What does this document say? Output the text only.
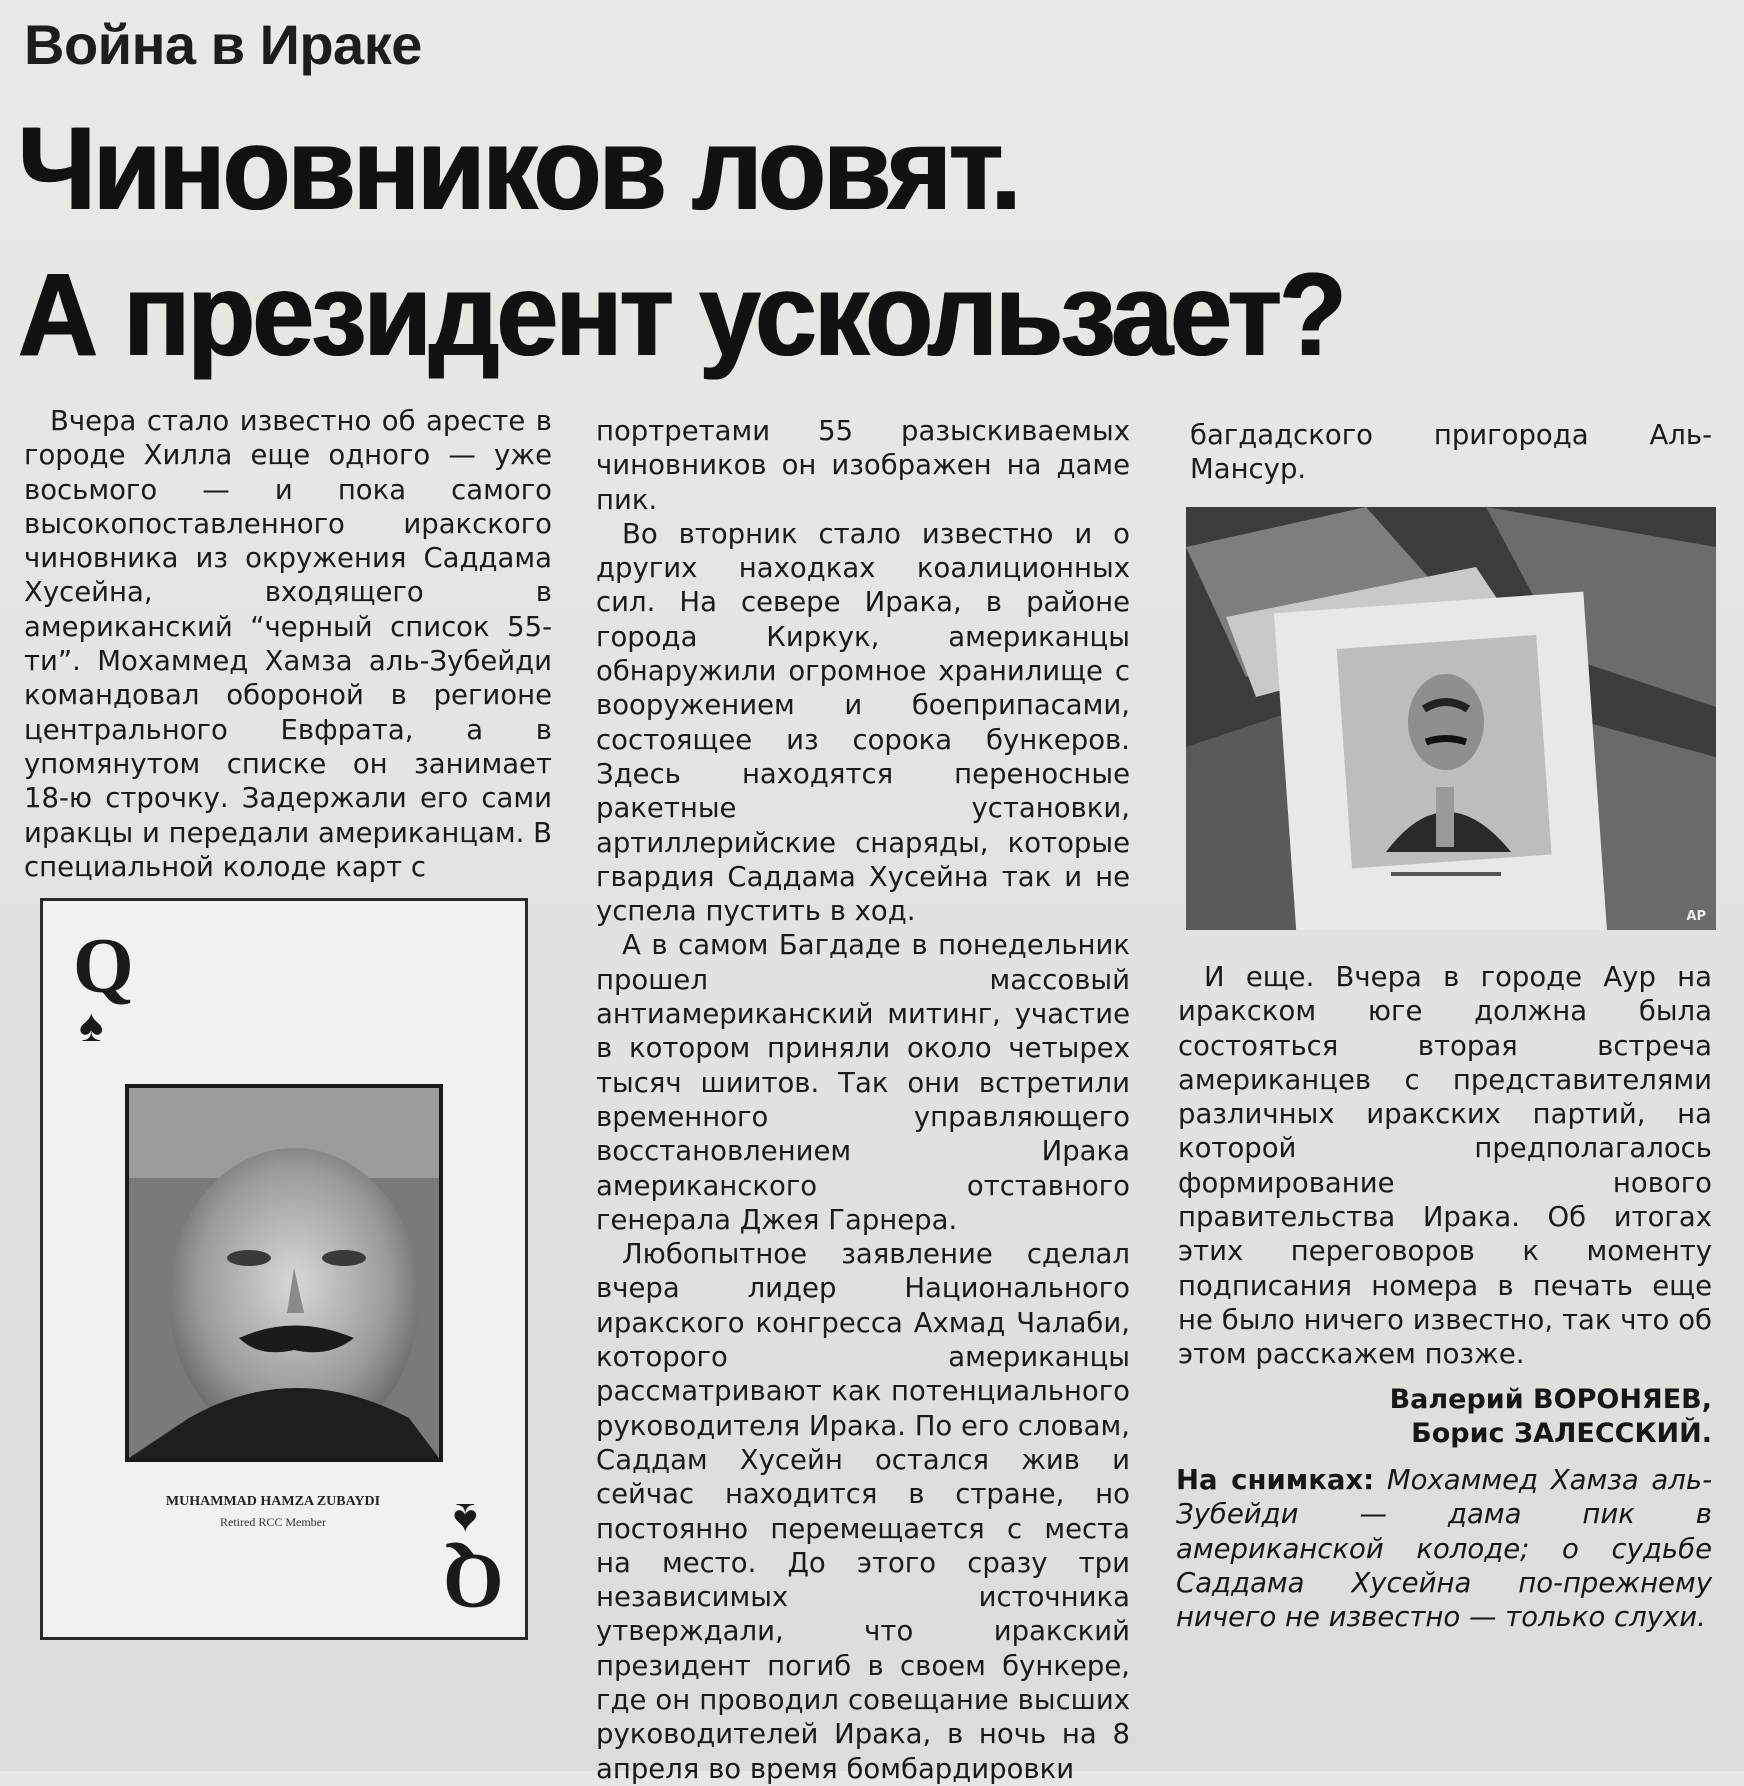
Война в Ираке
Чиновников ловят.
А президент ускользает?

Вчера стало известно об аресте в городе Хилла еще одного — уже восьмого — и пока самого высокопоставленного иракского чиновника из окружения Саддама Хусейна, входящего в американский “черный список 55-ти”. Мохаммед Хамза аль-Зубейди командовал обороной в регионе центрального Евфрата, а в упомянутом списке он занимает 18-ю строчку. Задержали его сами иракцы и передали американцам. В специальной колоде карт с

Q
♠
MUHAMMAD HAMZA ZUBAYDI
Retired RCC Member	♠
Q

портретами 55 разыскиваемых чиновников он изображен на даме пик.

Во вторник стало известно и о других находках коалиционных сил. На севере Ирака, в районе города Киркук, американцы обнаружили огромное хранилище с вооружением и боеприпасами, состоящее из сорока бункеров. Здесь находятся переносные ракетные установки, артиллерийские снаряды, которые гвардия Саддама Хусейна так и не успела пустить в ход.

А в самом Багдаде в понедельник прошел массовый антиамериканский митинг, участие в котором приняли около четырех тысяч шиитов. Так они встретили временного управляющего восстановлением Ирака американского отставного генерала Джея Гарнера.

Любопытное заявление сделал вчера лидер Национального иракского конгресса Ахмад Чалаби, которого американцы рассматривают как потенциального руководителя Ирака. По его словам, Саддам Хусейн остался жив и сейчас находится в стране, но постоянно перемещается с места на место. До этого сразу три независимых источника утверждали, что иракский президент погиб в своем бункере, где он проводил совещание высших руководителей Ирака, в ночь на 8 апреля во время бомбардировки

багдадского пригорода Аль-Мансур.

AP

И еще. Вчера в городе Аур на иракском юге должна была состояться вторая встреча американцев с представителями различных иракских партий, на которой предполагалось формирование нового правительства Ирака. Об итогах этих переговоров к моменту подписания номера в печать еще не было ничего известно, так что об этом расскажем позже.

Валерий ВОРОНЯЕВ,
Борис ЗАЛЕССКИЙ.
На снимках: Мохаммед Хамза аль-Зубейди — дама пик в американской колоде; о судьбе Саддама Хусейна по-прежнему ничего не известно — только слухи.
